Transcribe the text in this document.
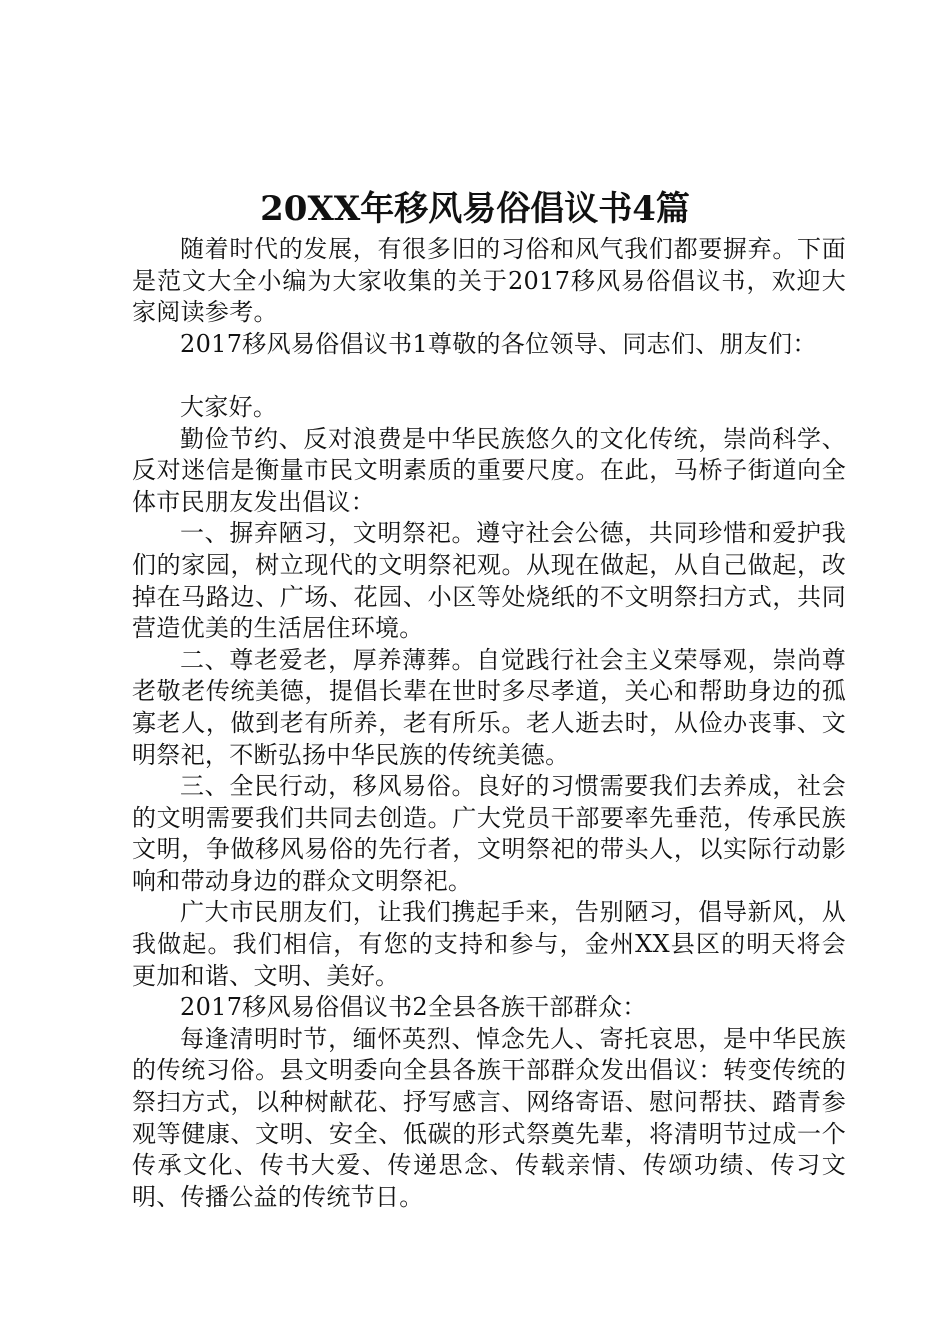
20XX年移风易俗倡议书4篇

随着时代的发展，有很多旧的习俗和风气我们都要摒弃。下面是范文大全小编为大家收集的关于2017移风易俗倡议书，欢迎大家阅读参考。

2017移风易俗倡议书1尊敬的各位领导、同志们、朋友们：

大家好。

勤俭节约、反对浪费是中华民族悠久的文化传统，崇尚科学、反对迷信是衡量市民文明素质的重要尺度。在此，马桥子街道向全体市民朋友发出倡议：

一、摒弃陋习，文明祭祀。遵守社会公德，共同珍惜和爱护我们的家园，树立现代的文明祭祀观。从现在做起，从自己做起，改掉在马路边、广场、花园、小区等处烧纸的不文明祭扫方式，共同营造优美的生活居住环境。

二、尊老爱老，厚养薄葬。自觉践行社会主义荣辱观，崇尚尊老敬老传统美德，提倡长辈在世时多尽孝道，关心和帮助身边的孤寡老人，做到老有所养，老有所乐。老人逝去时，从俭办丧事、文明祭祀，不断弘扬中华民族的传统美德。

三、全民行动，移风易俗。良好的习惯需要我们去养成，社会的文明需要我们共同去创造。广大党员干部要率先垂范，传承民族文明，争做移风易俗的先行者，文明祭祀的带头人，以实际行动影响和带动身边的群众文明祭祀。

广大市民朋友们，让我们携起手来，告别陋习，倡导新风，从我做起。我们相信，有您的支持和参与，金州XX县区的明天将会更加和谐、文明、美好。

2017移风易俗倡议书2全县各族干部群众：

每逢清明时节，缅怀英烈、悼念先人、寄托哀思，是中华民族的传统习俗。县文明委向全县各族干部群众发出倡议：转变传统的祭扫方式，以种树献花、抒写感言、网络寄语、慰问帮扶、踏青参观等健康、文明、安全、低碳的形式祭奠先辈，将清明节过成一个传承文化、传书大爱、传递思念、传载亲情、传颂功绩、传习文明、传播公益的传统节日。
